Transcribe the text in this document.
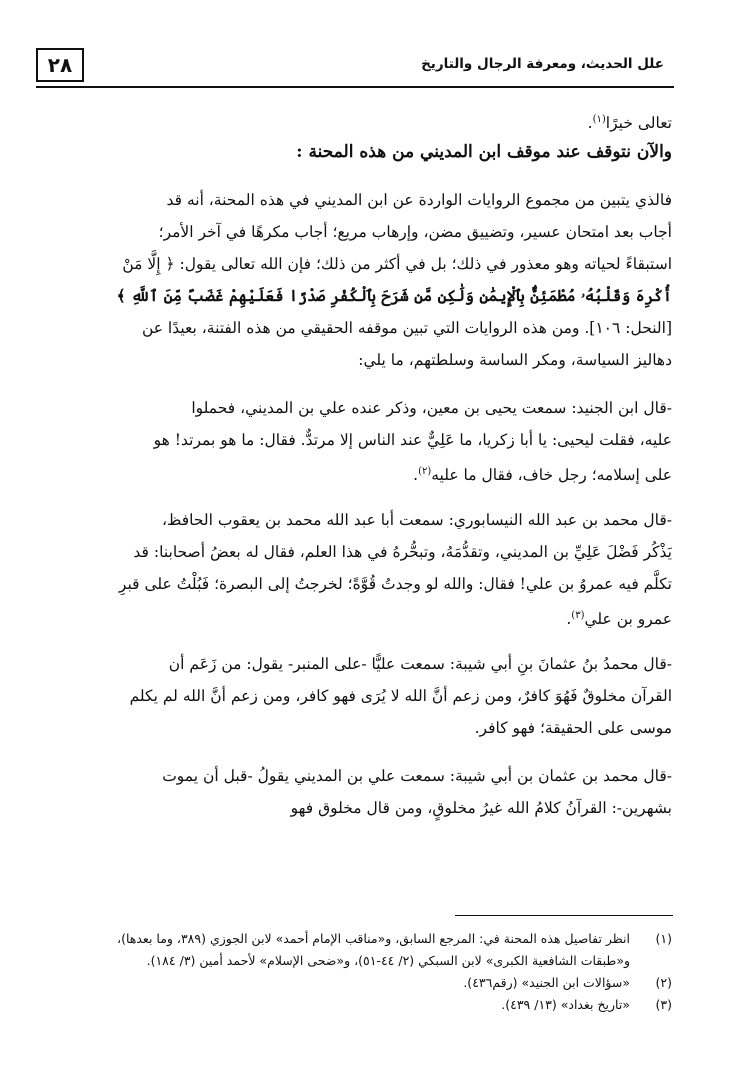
٢٨	علل الحديث، ومعرفة الرجال والتاريخ

تعالى خيرًا$^{(١)}$.

والآن نتوقف عند موقف ابن المديني من هذه المحنة :

فالذي يتبين من مجموع الروايات الواردة عن ابن المديني في هذه المحنة، أنه قد

أجاب بعد امتحان عسير، وتضييق مضن، وإرهاب مريع؛ أجاب مكرهًا في آخر الأمر؛

استبقاءً لحياته وهو معذور في ذلك؛ بل في أكثر من ذلك؛ فإن الله تعالى يقول: ﴿ إِلَّا مَنْ

أُكْرِهَ وَقَلْبُهُۥ مُطْمَئِنٌّۢ بِٱلْإِيمَٰنِ وَلَٰكِن مَّن شَرَحَ بِٱلْكُفْرِ صَدْرًا فَعَلَيْهِمْ غَضَبٌ مِّنَ ٱللَّهِ ﴾

[النحل: ١٠٦]. ومن هذه الروايات التي تبين موقفه الحقيقي من هذه الفتنة، بعيدًا عن

دهاليز السياسة، ومكر الساسة وسلطتهم، ما يلي:

-قال ابن الجنيد: سمعت يحيى بن معين، وذكر عنده علي بن المديني، فحملوا

عليه، فقلت ليحيى: يا أبا زكريا، ما عَلِيٌّ عند الناس إلا مرتدٌّ. فقال: ما هو بمرتد! هو

على إسلامه؛ رجل خاف، فقال ما عليه$^{(٢)}$.

-قال محمد بن عبد الله النيسابوري: سمعت أبا عبد الله محمد بن يعقوب الحافظ،

يَذْكُر فَضْلَ عَلِيِّ بن المديني، وتقدُّمَهُ، وتبحُّرهُ في هذا العلم، فقال له بعضُ أصحابنا: قد

تكلَّم فيه عمروُ بن علي! فقال: والله لو وجدتُ قُوَّةً؛ لخرجتُ إلى البصرة؛ فَبُلْتُ على قبرِ

عمرو بن علي$^{(٣)}$.

-قال محمدُ بنُ عثمانَ بنِ أبي شيبة: سمعت عليًّا -على المنبر- يقول: من زَعَم أن

القرآن مخلوقٌ فَهُوَ كافرٌ، ومن زعم أنَّ الله لا يُرَى فهو كافر، ومن زعم أنَّ الله لم يكلم

موسى على الحقيقة؛ فهو كافر.

-قال محمد بن عثمان بن أبي شيبة: سمعت علي بن المديني يقولُ -قبل أن يموت

بشهرين-: القرآنُ كلامُ الله غيرُ مخلوقٍ، ومن قال مخلوق فهو

(١)
انظر تفاصيل هذه المحنة في: المرجع السابق، و«مناقب الإمام أحمد» لابن الجوزي (٣٨٩، وما بعدها)،
و«طبقات الشافعية الكبرى» لابن السبكي (٢/ ٤٤-٥١)، و«ضحى الإسلام» لأحمد أمين (٣/ ١٨٤).
(٢)
«سؤالات ابن الجنيد» (رقم٤٣٦).
(٣)
«تاريخ بغداد» (١٣/ ٤٣٩).
